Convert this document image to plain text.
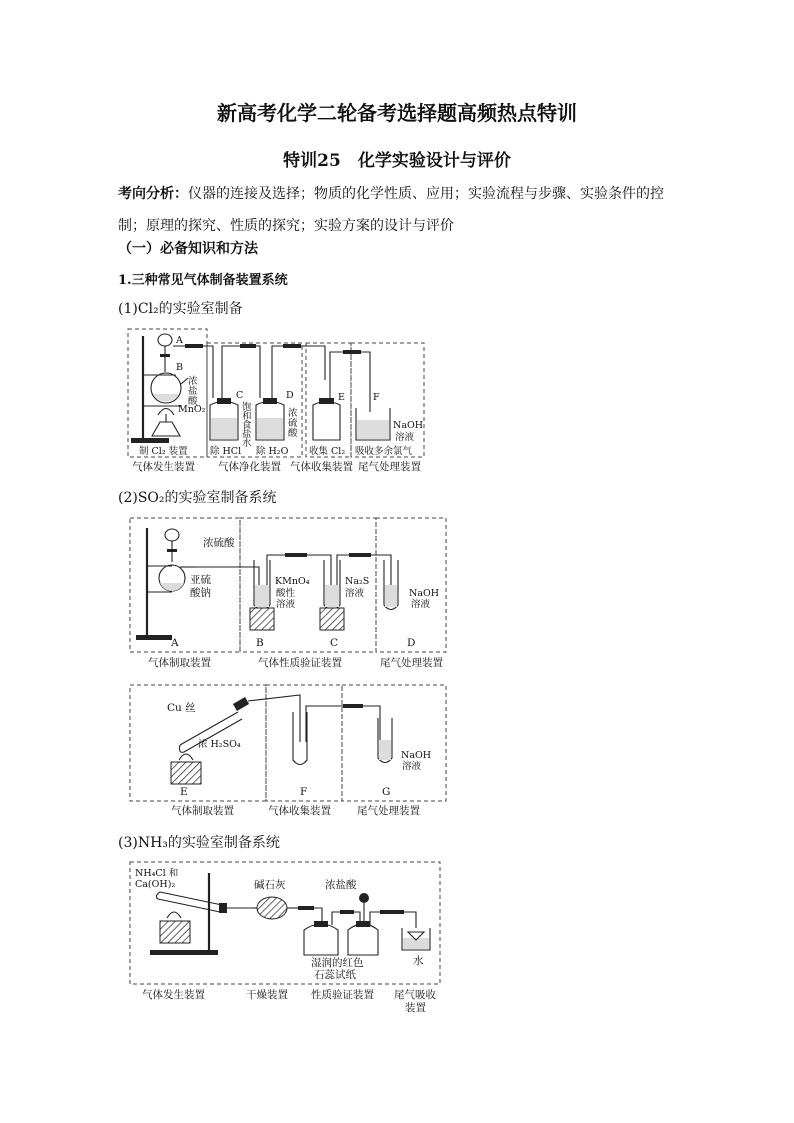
新高考化学二轮备考选择题高频热点特训
特训25　化学实验设计与评价
考向分析：仪器的连接及选择；物质的化学性质、应用；实验流程与步骤、实验条件的控
制；原理的探究、性质的探究；实验方案的设计与评价
（一）必备知识和方法
1.三种常见气体制备装置系统
(1)Cl₂的实验室制备
(2)SO₂的实验室制备系统
(3)NH₃的实验室制备系统
A
B
浓
盐
酸
MnO₂
C
饱
和
食
盐
水
D
浓
硫
酸
E	F
NaOH
溶液
制 Cl₂ 装置 除 HCl 除 H₂O 收集 Cl₂ 吸收多余氯气
气体发生装置 气体净化装置 气体收集装置 尾气处理装置
浓硫酸
亚硫
酸钠
KMnO₄
酸性
溶液
Na₂S
溶液	NaOH
溶液
A	B	C	D
气体制取装置	气体性质验证装置	尾气处理装置
Cu 丝
浓 H₂SO₄
NaOH
溶液
E	F	G
气体制取装置	气体收集装置 尾气处理装置
NH₄Cl 和
Ca(OH)₂	碱石灰	浓盐酸
湿润的红色
石蕊试纸
水
气体发生装置	干燥装置 性质验证装置 尾气吸收
装置
